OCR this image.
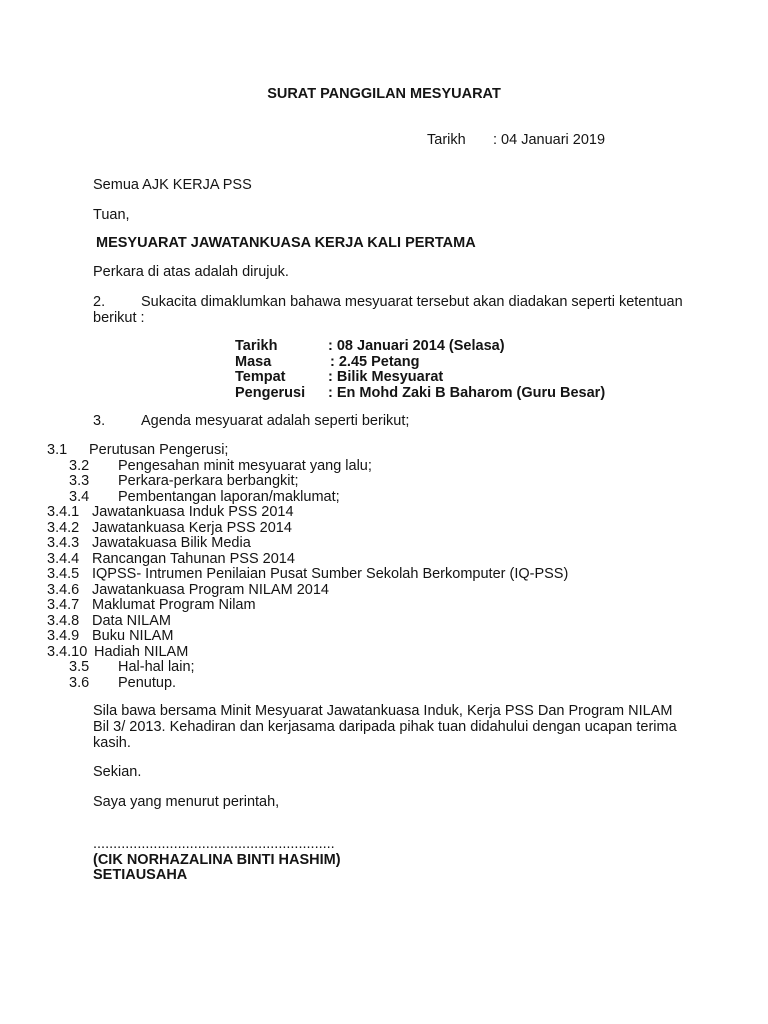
SURAT PANGGILAN MESYUARAT
Tarikh : 04 Januari 2019
Semua AJK KERJA PSS
Tuan,
MESYUARAT JAWATANKUASA KERJA KALI PERTAMA
Perkara di atas adalah dirujuk.
2. Sukacita dimaklumkan bahawa mesyuarat tersebut akan diadakan seperti ketentuan
berikut :
Tarikh	: 08 Januari 2014 (Selasa)
Masa	: 2.45 Petang
Tempat	: Bilik Mesyuarat
Pengerusi : En Mohd Zaki B Baharom (Guru Besar)
3. Agenda mesyuarat adalah seperti berikut;
3.1 Perutusan Pengerusi;
3.2 Pengesahan minit mesyuarat yang lalu;
3.3 Perkara-perkara berbangkit;
3.4 Pembentangan laporan/maklumat;
3.4.1 Jawatankuasa Induk PSS 2014
3.4.2 Jawatankuasa Kerja PSS 2014
3.4.3 Jawatakuasa Bilik Media
3.4.4 Rancangan Tahunan PSS 2014
3.4.5 IQPSS- Intrumen Penilaian Pusat Sumber Sekolah Berkomputer (IQ-PSS)
3.4.6 Jawatankuasa Program NILAM 2014
3.4.7 Maklumat Program Nilam
3.4.8 Data NILAM
3.4.9 Buku NILAM
3.4.10 Hadiah NILAM
3.5 Hal-hal lain;
3.6 Penutup.
Sila bawa bersama Minit Mesyuarat Jawatankuasa Induk, Kerja PSS Dan Program NILAM
Bil 3/ 2013. Kehadiran dan kerjasama daripada pihak tuan didahului dengan ucapan terima
kasih.
Sekian.
Saya yang menurut perintah,
............................................................
(CIK NORHAZALINA BINTI HASHIM)
SETIAUSAHA
